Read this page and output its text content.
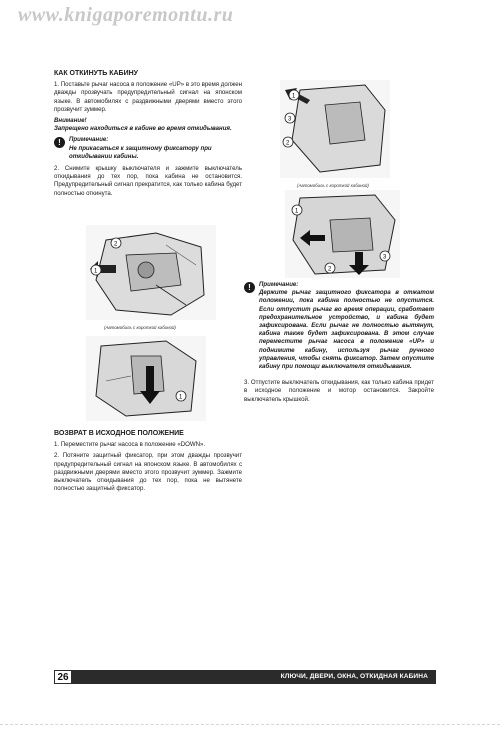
www.knigaporemontu.ru
КАК ОТКИНУТЬ КАБИНУ

1. Поставьте рычаг насоса в положение «UP» в это время должен дважды прозвучать предупредительный сигнал на японском языке. В автомобилях с раздвижными дверями вместо этого прозвучит зуммер.

Внимание!

Запрещено находиться в кабине во время откидывания.

!	Примечание:
Не прикасаться к защитному фиксатору при откидывании кабины.

2. Снимите крышку выключателя и зажмите выключатель откидывания до тех пор, пока кабина не остановится. Предупредительный сигнал прекратится, как только кабина будет полностью откинута.

1
2
(Автомобиль с короткой кабиной)
1
ВОЗВРАТ В ИСХОДНОЕ ПОЛОЖЕНИЕ

1. Переместите рычаг насоса в положение «DOWN».

2. Потяните защитный фиксатор, при этом дважды прозвучит предупредительный сигнал на японском языке. В автомобилях с раздвижными дверями вместо этого прозвучит зуммер. Зажмите выключатель откидывания до тех пор, пока не вытянете полностью защитный фиксатор.

1
3
2
(Автомобиль с короткой кабиной)
1
2
3
!	Примечание:
Держите рычаг защитного фиксатора в отжатом положении, пока кабина полностью не опустится. Если отпустит рычаг во время операции, сработает предохранительное устройство, и кабина будет зафиксирована. Если рычаг не полностью вытянут, кабина также будет зафиксирована. В этом случае переместите рычаг насоса в положение «UP» и поднимите кабину, используя рычаг ручного управления, чтобы снять фиксатор. Затем опустите кабину при помощи выключателя откидывания.

3. Отпустите выключатель откидывания, как только кабина придет в исходное положение и мотор остановится. Закройте выключатель крышкой.

26	КЛЮЧИ, ДВЕРИ, ОКНА, ОТКИДНАЯ КАБИНА
